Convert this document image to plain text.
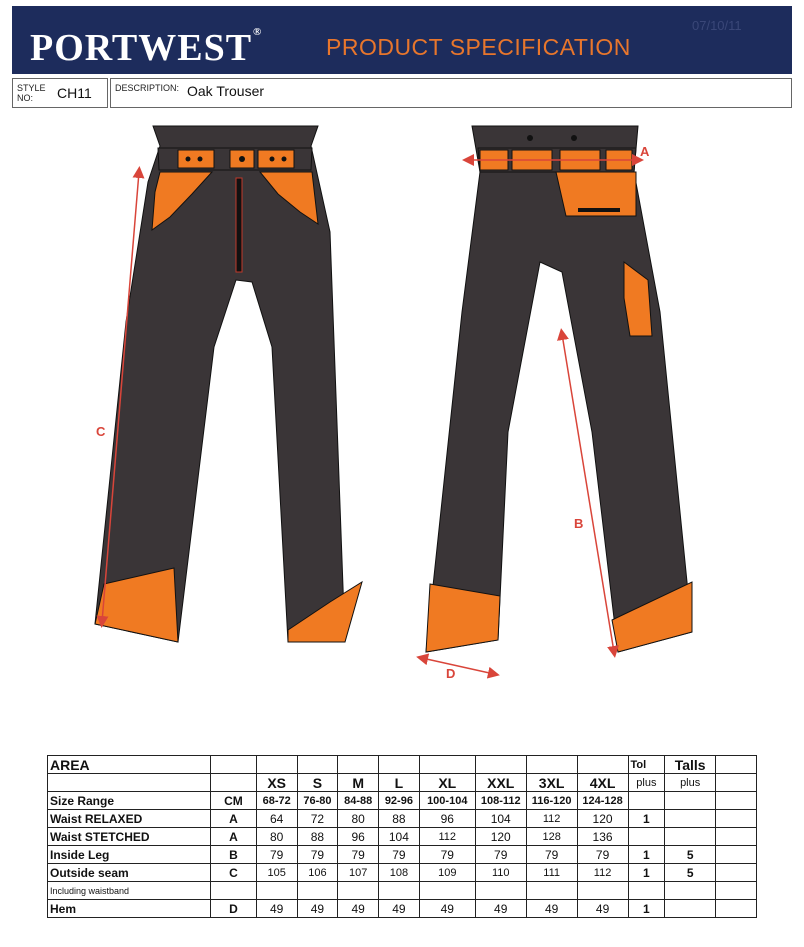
PORTWEST®
PRODUCT SPECIFICATION
07/10/11
STYLE
NO: CH11	DESCRIPTION: Oak Trouser
C
A
B
D
AREA										Tol	Talls	
		XS	S	M	L	XL	XXL	3XL	4XL	plus	plus	
Size Range	CM	68-72	76-80	84-88	92-96	100-104	108-112	116-120	124-128			
Waist RELAXED	A	64	72	80	88	96	104	112	120	1		
Waist STETCHED	A	80	88	96	104	112	120	128	136			
Inside Leg	B	79	79	79	79	79	79	79	79	1	5	
Outside seam	C	105	106	107	108	109	110	111	112	1	5	
Including waistband												
Hem	D	49	49	49	49	49	49	49	49	1		
